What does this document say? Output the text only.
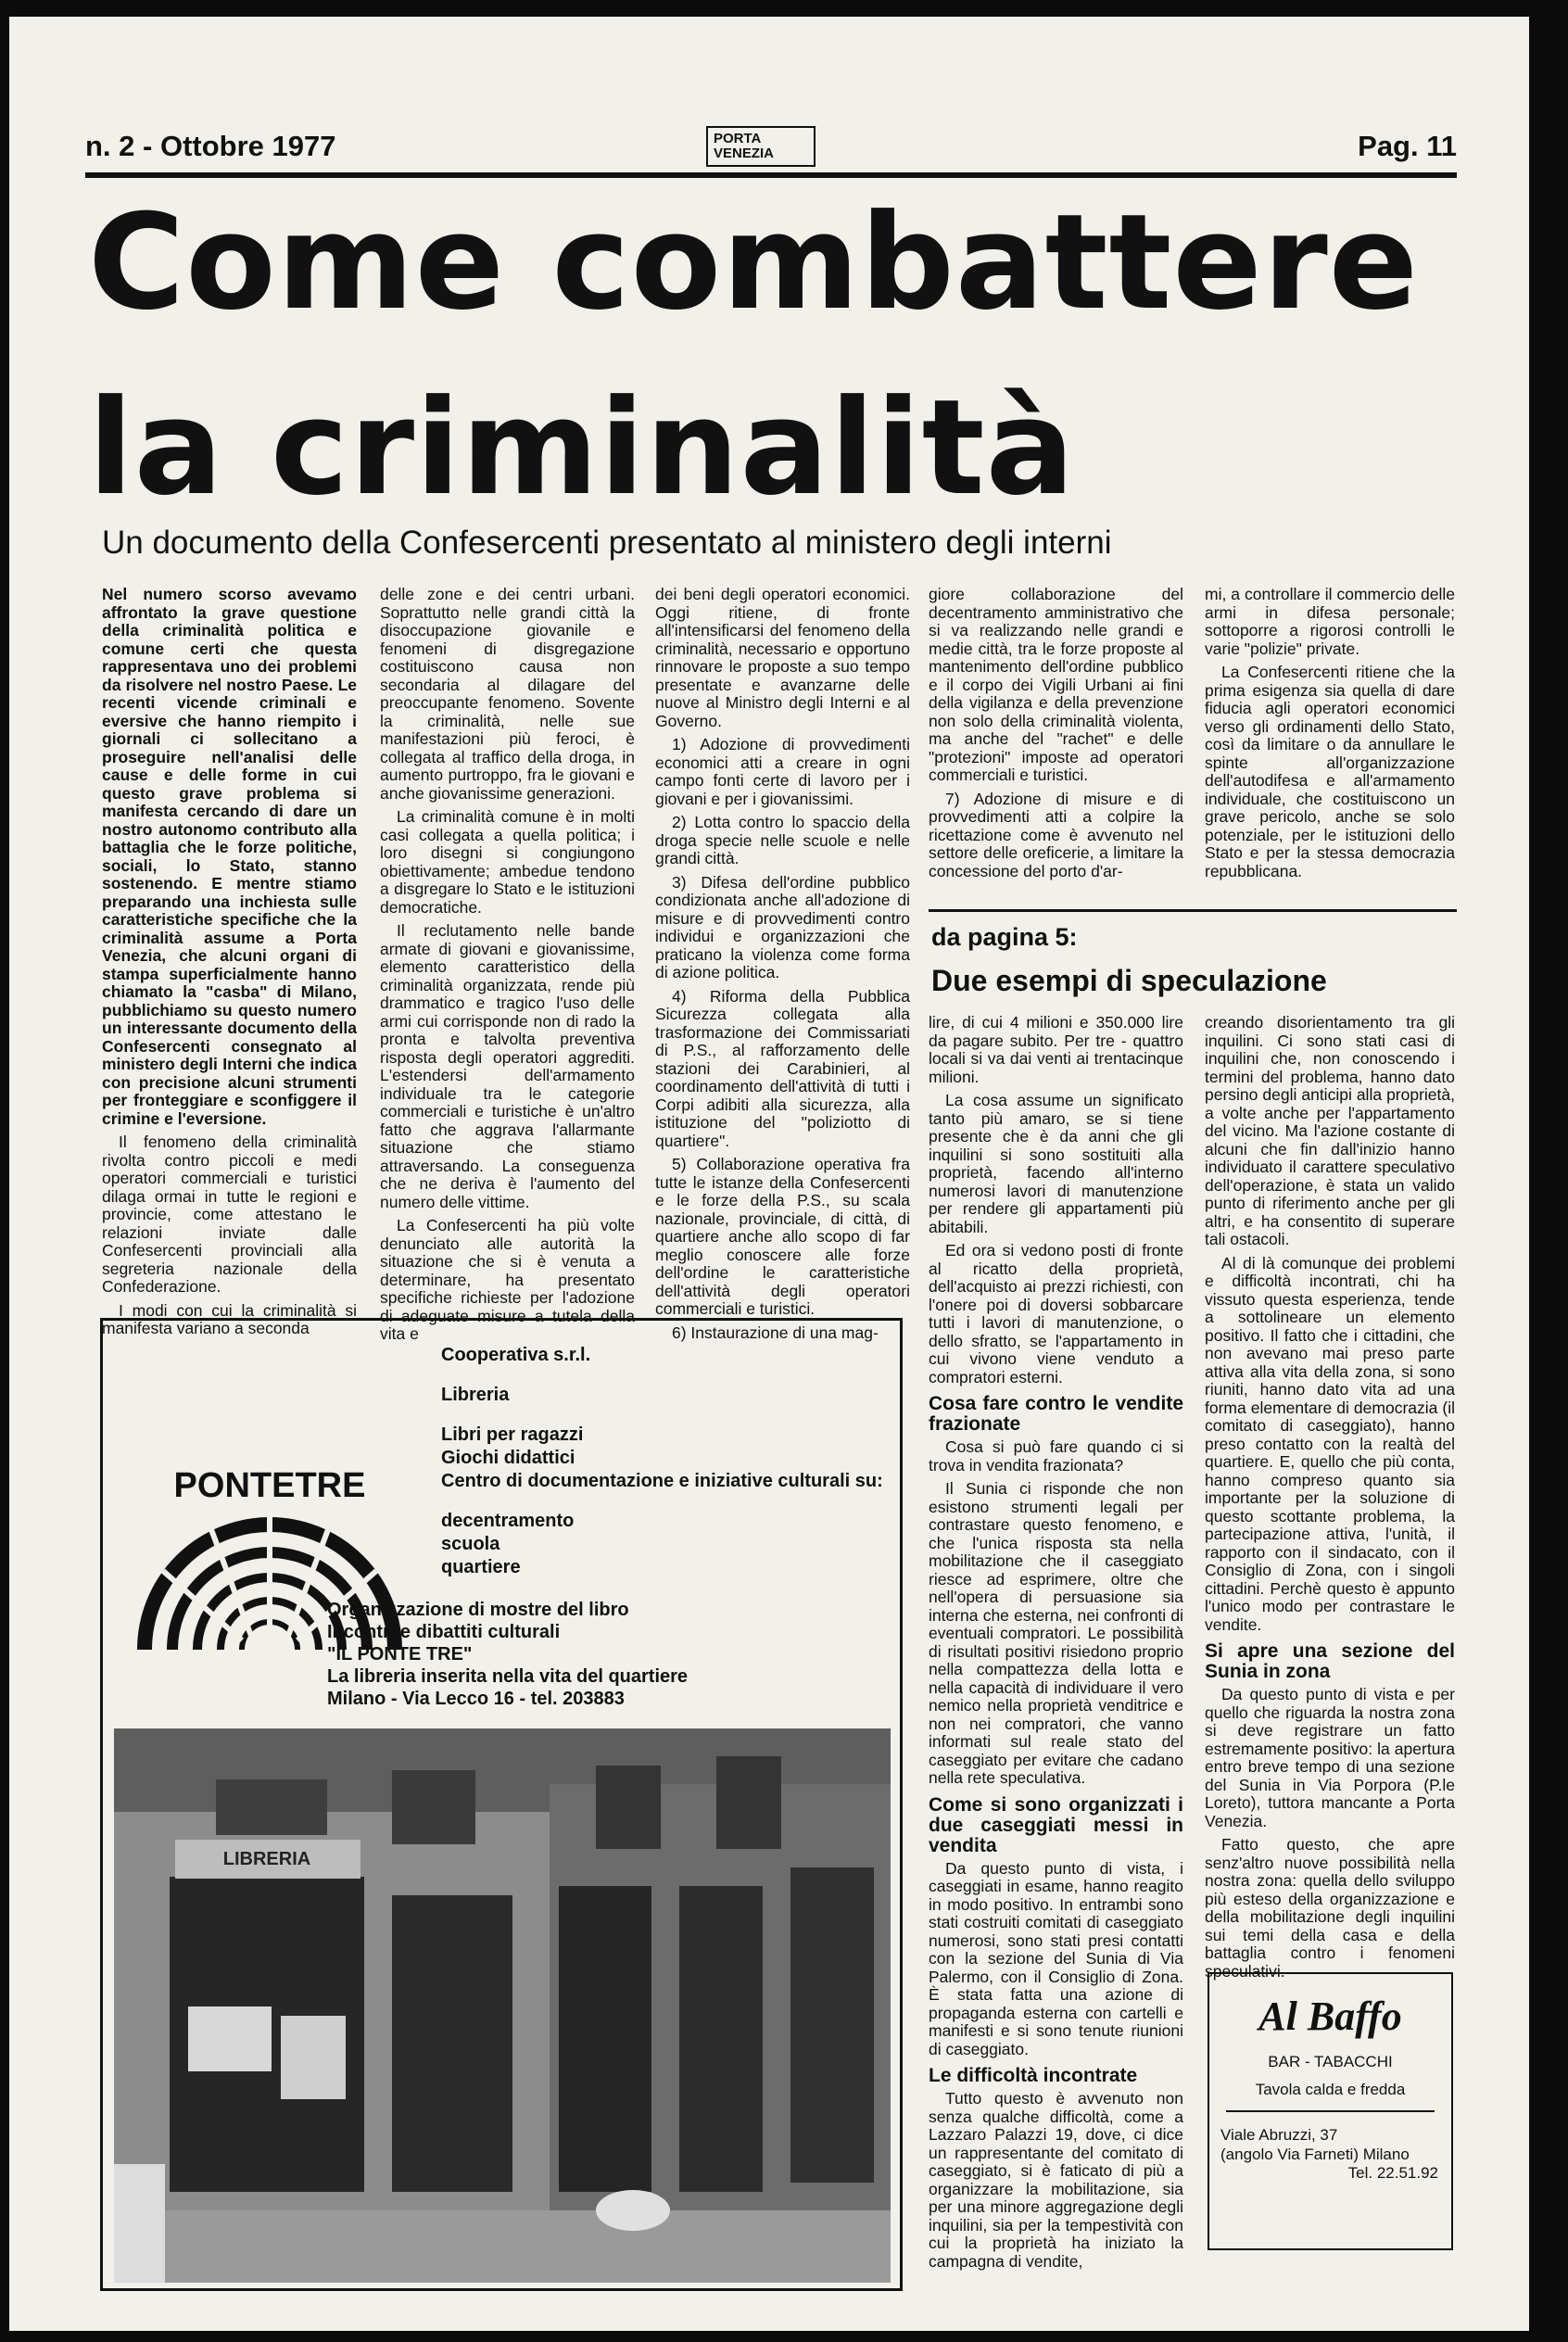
n. 2 - Ottobre 1977	PORTA
VENEZIA	Pag. 11
Come combattere
la criminalità
Un documento della Confesercenti presentato al ministero degli interni

Nel numero scorso avevamo affrontato la grave questione della criminalità politica e comune certi che questa rappresentava uno dei problemi da risolvere nel nostro Paese. Le recenti vicende criminali e eversive che hanno riempito i giornali ci sollecitano a proseguire nell'analisi delle cause e delle forme in cui questo grave problema si manifesta cercando di dare un nostro autonomo contributo alla battaglia che le forze politiche, sociali, lo Stato, stanno sostenendo. E mentre stiamo preparando una inchiesta sulle caratteristiche specifiche che la criminalità assume a Porta Venezia, che alcuni organi di stampa superficialmente hanno chiamato la "casba" di Milano, pubblichiamo su questo numero un interessante documento della Confesercenti consegnato al ministero degli Interni che indica con precisione alcuni strumenti per fronteggiare e sconfiggere il crimine e l'eversione.

Il fenomeno della criminalità rivolta contro piccoli e medi operatori commerciali e turistici dilaga ormai in tutte le regioni e provincie, come attestano le relazioni inviate dalle Confesercenti provinciali alla segreteria nazionale della Confederazione.

I modi con cui la criminalità si manifesta variano a seconda

delle zone e dei centri urbani. Soprattutto nelle grandi città la disoccupazione giovanile e fenomeni di disgregazione costituiscono causa non secondaria al dilagare del preoccupante fenomeno. Sovente la criminalità, nelle sue manifestazioni più feroci, è collegata al traffico della droga, in aumento purtroppo, fra le giovani e anche giovanissime generazioni.

La criminalità comune è in molti casi collegata a quella politica; i loro disegni si congiungono obiettivamente; ambedue tendono a disgregare lo Stato e le istituzioni democratiche.

Il reclutamento nelle bande armate di giovani e giovanissime, elemento caratteristico della criminalità organizzata, rende più drammatico e tragico l'uso delle armi cui corrisponde non di rado la pronta e talvolta preventiva risposta degli operatori aggrediti. L'estendersi dell'armamento individuale tra le categorie commerciali e turistiche è un'altro fatto che aggrava l'allarmante situazione che stiamo attraversando. La conseguenza che ne deriva è l'aumento del numero delle vittime.

La Confesercenti ha più volte denunciato alle autorità la situazione che si è venuta a determinare, ha presentato specifiche richieste per l'adozione di adeguate misure a tutela della vita e

dei beni degli operatori economici. Oggi ritiene, di fronte all'intensificarsi del fenomeno della criminalità, necessario e opportuno rinnovare le proposte a suo tempo presentate e avanzarne delle nuove al Ministro degli Interni e al Governo.

1) Adozione di provvedimenti economici atti a creare in ogni campo fonti certe di lavoro per i giovani e per i giovanissimi.

2) Lotta contro lo spaccio della droga specie nelle scuole e nelle grandi città.

3) Difesa dell'ordine pubblico condizionata anche all'adozione di misure e di provvedimenti contro individui e organizzazioni che praticano la violenza come forma di azione politica.

4) Riforma della Pubblica Sicurezza collegata alla trasformazione dei Commissariati di P.S., al rafforzamento delle stazioni dei Carabinieri, al coordinamento dell'attività di tutti i Corpi adibiti alla sicurezza, alla istituzione del "poliziotto di quartiere".

5) Collaborazione operativa fra tutte le istanze della Confesercenti e le forze della P.S., su scala nazionale, provinciale, di città, di quartiere anche allo scopo di far meglio conoscere alle forze dell'ordine le caratteristiche dell'attività degli operatori commerciali e turistici.

6) Instaurazione di una mag-

giore collaborazione del decentramento amministrativo che si va realizzando nelle grandi e medie città, tra le forze proposte al mantenimento dell'ordine pubblico e il corpo dei Vigili Urbani ai fini della vigilanza e della prevenzione non solo della criminalità violenta, ma anche del "rachet" e delle "protezioni" imposte ad operatori commerciali e turistici.

7) Adozione di misure e di provvedimenti atti a colpire la ricettazione come è avvenuto nel settore delle oreficerie, a limitare la concessione del porto d'ar-

mi, a controllare il commercio delle armi in difesa personale; sottoporre a rigorosi controlli le varie "polizie" private.

La Confesercenti ritiene che la prima esigenza sia quella di dare fiducia agli operatori economici verso gli ordinamenti dello Stato, così da limitare o da annullare le spinte all'organizzazione dell'autodifesa e all'armamento individuale, che costituiscono un grave pericolo, anche se solo potenziale, per le istituzioni dello Stato e per la stessa democrazia repubblicana.

da pagina 5:
Due esempi di speculazione

lire, di cui 4 milioni e 350.000 lire da pagare subito. Per tre - quattro locali si va dai venti ai trentacinque milioni.

La cosa assume un significato tanto più amaro, se si tiene presente che è da anni che gli inquilini si sono sostituiti alla proprietà, facendo all'interno numerosi lavori di manutenzione per rendere gli appartamenti più abitabili.

Ed ora si vedono posti di fronte al ricatto della proprietà, dell'acquisto ai prezzi richiesti, con l'onere poi di doversi sobbarcare tutti i lavori di manutenzione, o dello sfratto, se l'appartamento in cui vivono viene venduto a compratori esterni.

Cosa fare contro le vendite frazionate

Cosa si può fare quando ci si trova in vendita frazionata?

Il Sunia ci risponde che non esistono strumenti legali per contrastare questo fenomeno, e che l'unica risposta sta nella mobilitazione che il caseggiato riesce ad esprimere, oltre che nell'opera di persuasione sia interna che esterna, nei confronti di eventuali compratori. Le possibilità di risultati positivi risiedono proprio nella compattezza della lotta e nella capacità di individuare il vero nemico nella proprietà venditrice e non nei compratori, che vanno informati sul reale stato del caseggiato per evitare che cadano nella rete speculativa.

Come si sono organizzati i due caseggiati messi in vendita

Da questo punto di vista, i caseggiati in esame, hanno reagito in modo positivo. In entrambi sono stati costruiti comitati di caseggiato numerosi, sono stati presi contatti con la sezione del Sunia di Via Palermo, con il Consiglio di Zona. È stata fatta una azione di propaganda esterna con cartelli e manifesti e si sono tenute riunioni di caseggiato.

Le difficoltà incontrate

Tutto questo è avvenuto non senza qualche difficoltà, come a Lazzaro Palazzi 19, dove, ci dice un rappresentante del comitato di caseggiato, si è faticato di più a organizzare la mobilitazione, sia per una minore aggregazione degli inquilini, sia per la tempestività con cui la proprietà ha iniziato la campagna di vendite,

creando disorientamento tra gli inquilini. Ci sono stati casi di inquilini che, non conoscendo i termini del problema, hanno dato persino degli anticipi alla proprietà, a volte anche per l'appartamento del vicino. Ma l'azione costante di alcuni che fin dall'inizio hanno individuato il carattere speculativo dell'operazione, è stata un valido punto di riferimento anche per gli altri, e ha consentito di superare tali ostacoli.

Al di là comunque dei problemi e difficoltà incontrati, chi ha vissuto questa esperienza, tende a sottolineare un elemento positivo. Il fatto che i cittadini, che non avevano mai preso parte attiva alla vita della zona, si sono riuniti, hanno dato vita ad una forma elementare di democrazia (il comitato di caseggiato), hanno preso contatto con la realtà del quartiere. E, quello che più conta, hanno compreso quanto sia importante per la soluzione di questo scottante problema, la partecipazione attiva, l'unità, il rapporto con il sindacato, con il Consiglio di Zona, con i singoli cittadini. Perchè questo è appunto l'unico modo per contrastare le vendite.

Si apre una sezione del Sunia in zona

Da questo punto di vista e per quello che riguarda la nostra zona si deve registrare un fatto estremamente positivo: la apertura entro breve tempo di una sezione del Sunia in Via Porpora (P.le Loreto), tuttora mancante a Porta Venezia.

Fatto questo, che apre senz'altro nuove possibilità nella nostra zona: quella dello sviluppo più esteso della organizzazione e della mobilitazione degli inquilini sui temi della casa e della battaglia contro i fenomeni speculativi.

PONTETRE
Cooperativa s.r.l.
Libreria
Libri per ragazzi
Giochi didattici
Centro di documentazione e iniziative culturali su:
decentramento
scuola
quartiere
Organizzazione di mostre del libro
Incontri e dibattiti culturali
"IL PONTE TRE"
La libreria inserita nella vita del quartiere
Milano - Via Lecco 16 - tel. 203883
LIBRERIA
Al Baffo
BAR - TABACCHI
Tavola calda e fredda
Viale Abruzzi, 37
(angolo Via Farneti) Milano
Tel. 22.51.92
